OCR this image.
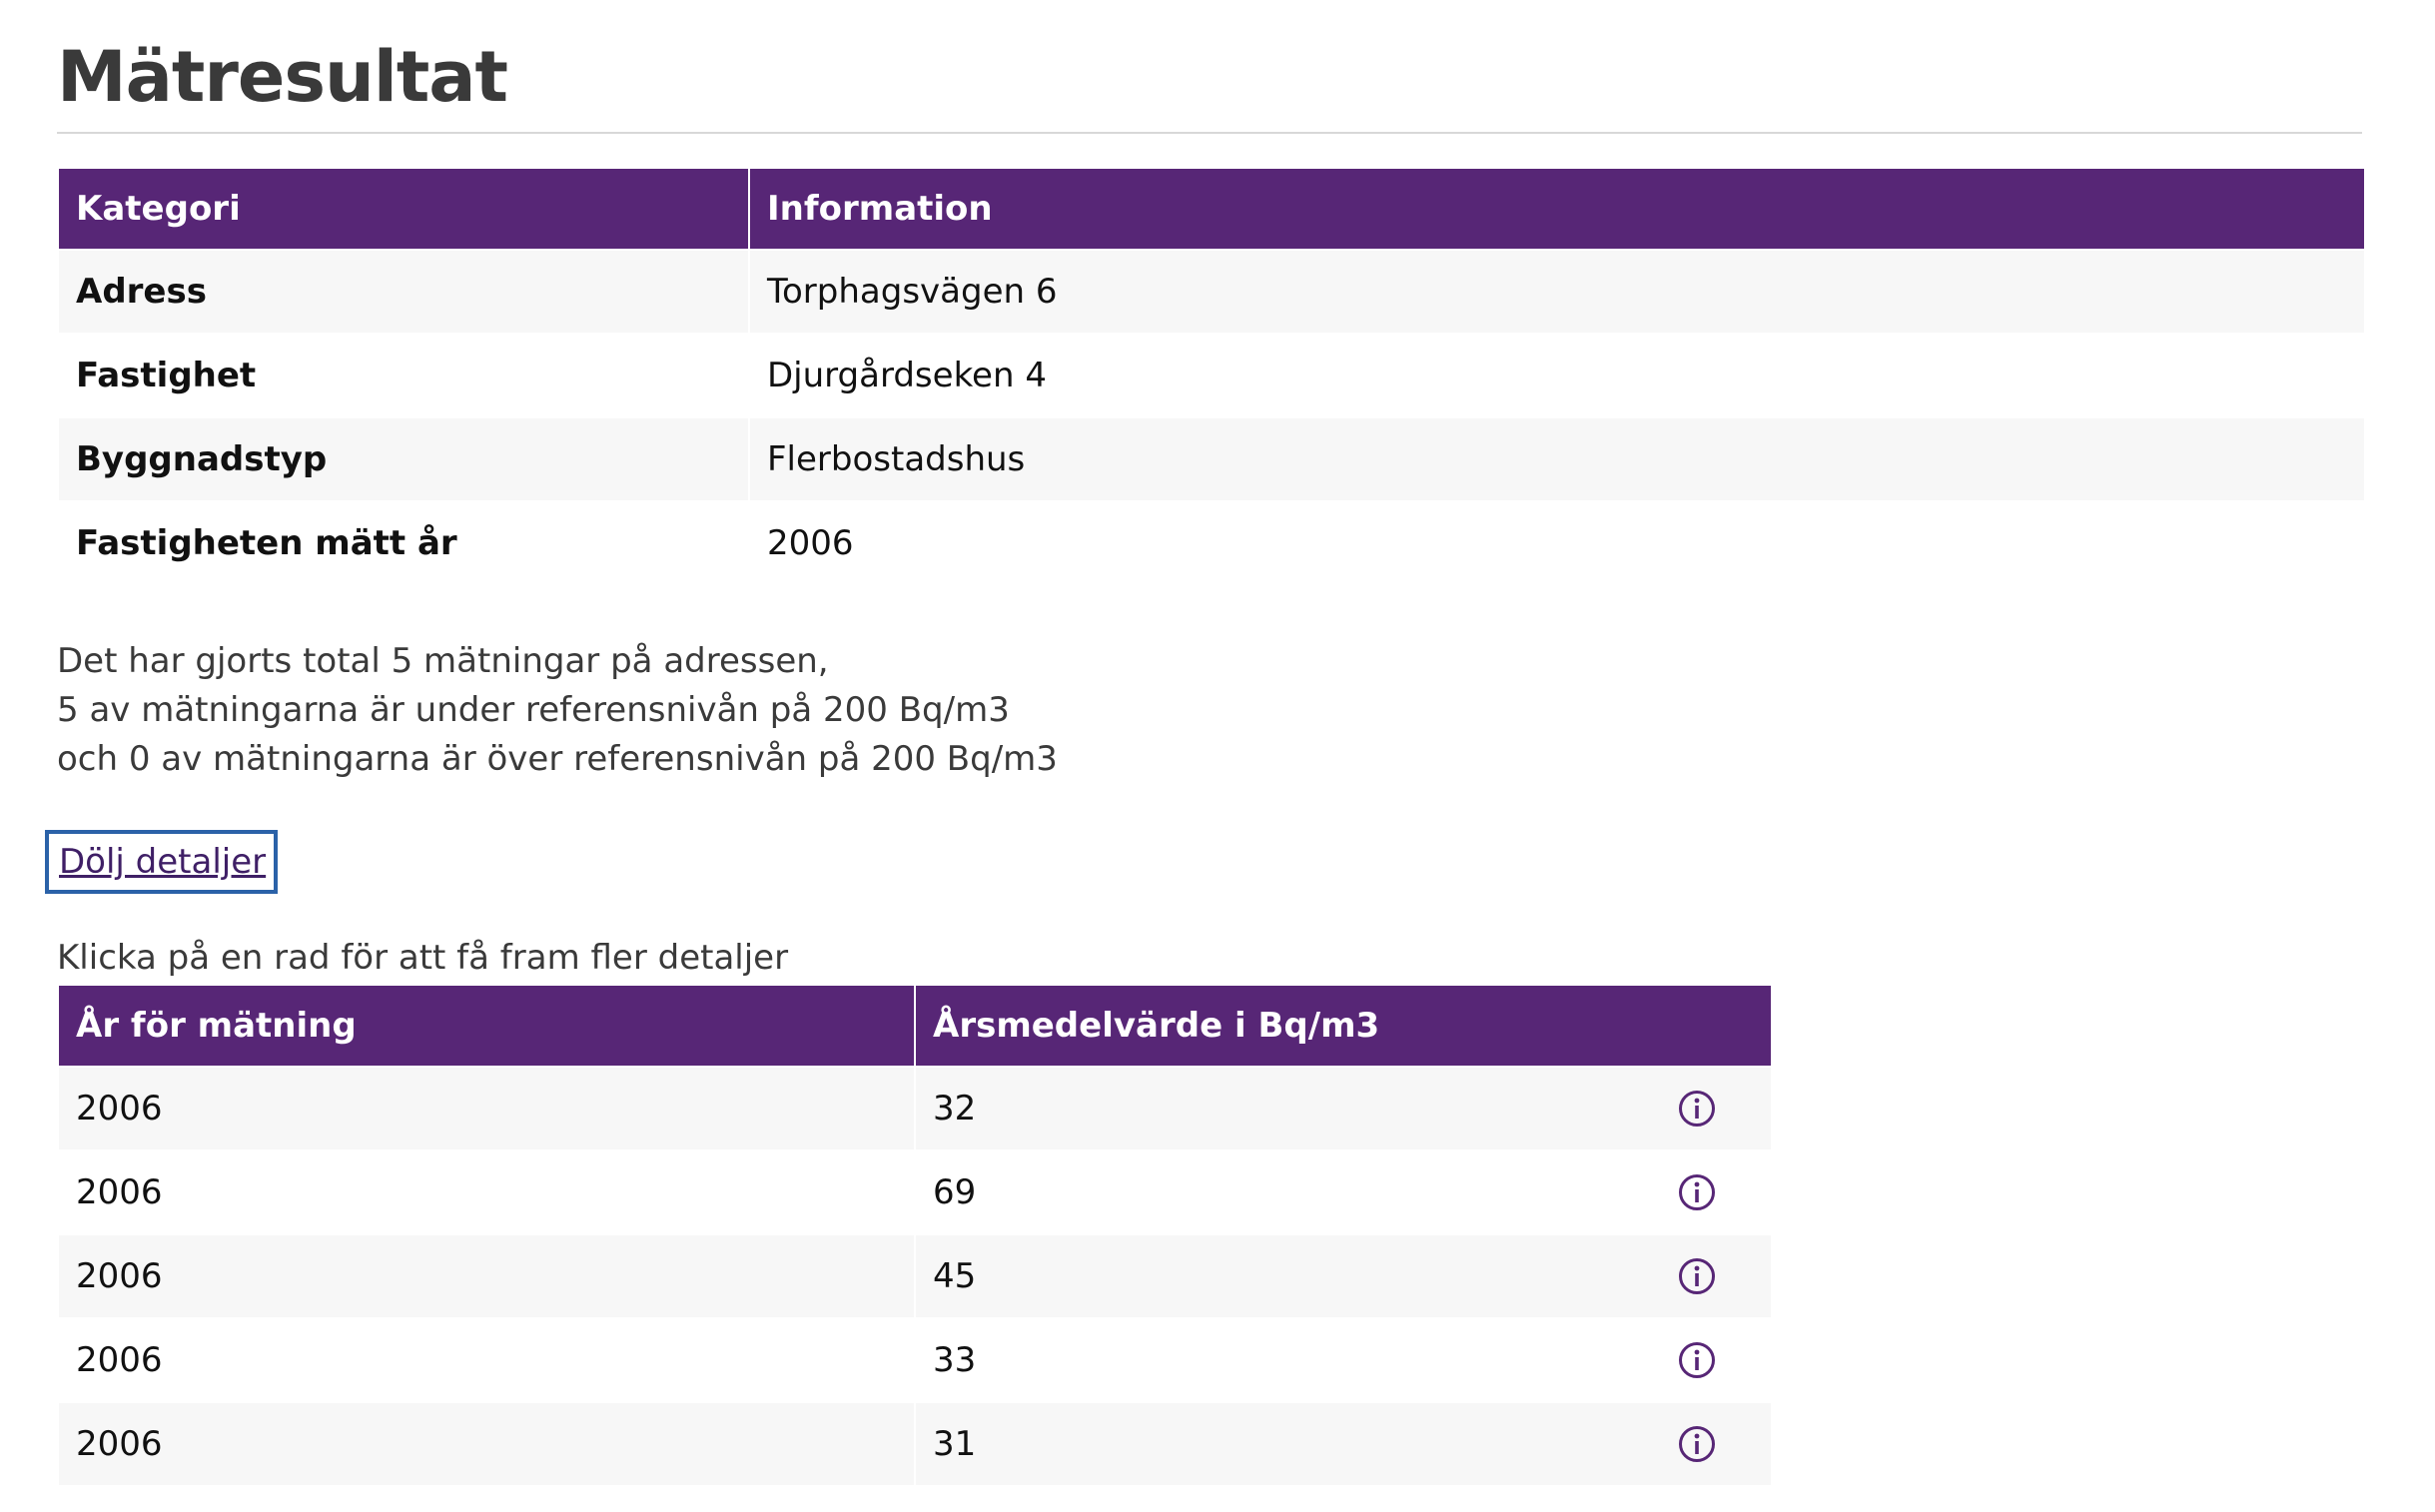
Mätresultat
Kategori	Information
Adress	Torphagsvägen 6
Fastighet	Djurgårdseken 4
Byggnadstyp	Flerbostadshus
Fastigheten mätt år	2006
Det har gjorts total 5 mätningar på adressen,
5 av mätningarna är under referensnivån på 200 Bq/m3
och 0 av mätningarna är över referensnivån på 200 Bq/m3
Dölj detaljer
Klicka på en rad för att få fram fler detaljer
År för mätning	Årsmedelvärde i Bq/m3
2006	32

2006	69

2006	45

2006	33

2006	31
